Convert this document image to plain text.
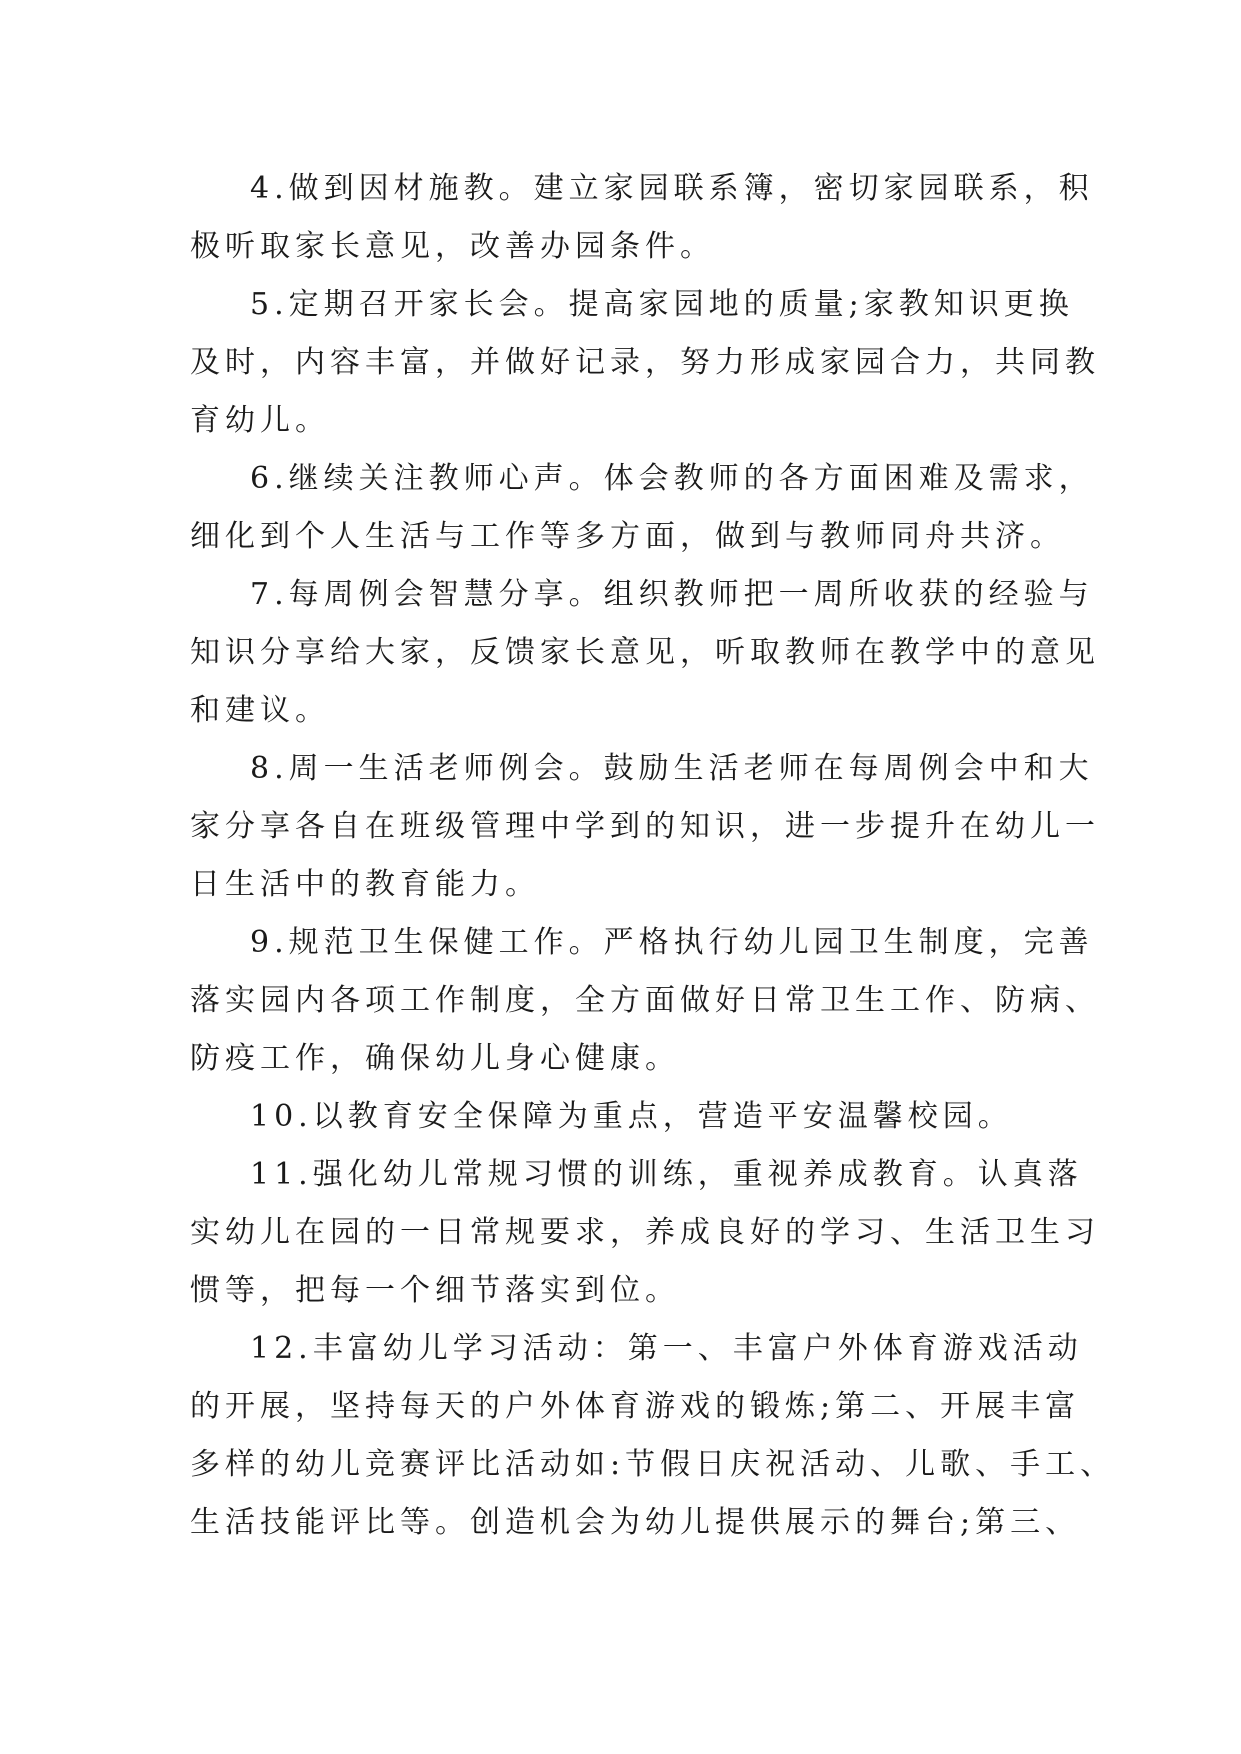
4.做到因材施教。建立家园联系簿，密切家园联系，积
极听取家长意见，改善办园条件。
5.定期召开家长会。提高家园地的质量;家教知识更换
及时，内容丰富，并做好记录，努力形成家园合力，共同教
育幼儿。
6.继续关注教师心声。体会教师的各方面困难及需求，
细化到个人生活与工作等多方面，做到与教师同舟共济。
7.每周例会智慧分享。组织教师把一周所收获的经验与
知识分享给大家，反馈家长意见，听取教师在教学中的意见
和建议。
8.周一生活老师例会。鼓励生活老师在每周例会中和大
家分享各自在班级管理中学到的知识，进一步提升在幼儿一
日生活中的教育能力。
9.规范卫生保健工作。严格执行幼儿园卫生制度，完善
落实园内各项工作制度，全方面做好日常卫生工作、防病、
防疫工作，确保幼儿身心健康。
10.以教育安全保障为重点，营造平安温馨校园。
11.强化幼儿常规习惯的训练，重视养成教育。认真落
实幼儿在园的一日常规要求，养成良好的学习、生活卫生习
惯等，把每一个细节落实到位。
12.丰富幼儿学习活动：第一、丰富户外体育游戏活动
的开展，坚持每天的户外体育游戏的锻炼;第二、开展丰富
多样的幼儿竞赛评比活动如:节假日庆祝活动、儿歌、手工、
生活技能评比等。创造机会为幼儿提供展示的舞台;第三、
